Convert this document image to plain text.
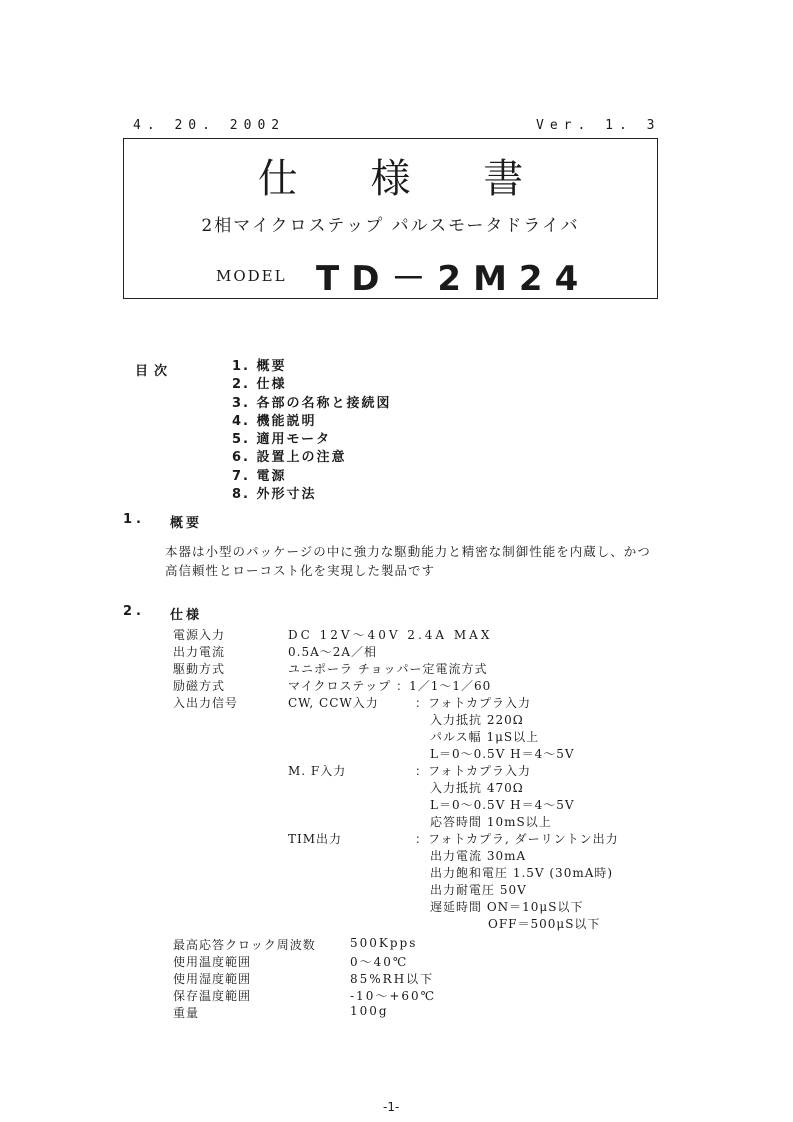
4. 20. 2002	Ver. 1. 3
仕 様 書
2相マイクロステップ パルスモータドライバ
MODEL TD－2M24
目次	1. 概要
2. 仕様
3. 各部の名称と接続図
4. 機能説明
5. 適用モータ
6. 設置上の注意
7. 電源
8. 外形寸法
1. 概要
本器は小型のパッケージの中に強力な駆動能力と精密な制御性能を内蔵し、かつ
高信頼性とローコスト化を実現した製品です
2. 仕様
電源入力	DC 12V～40V 2.4A MAX
出力電流	0.5A～2A／相
駆動方式	ユニポーラ チョッパー定電流方式
励磁方式	マイクロステップ ：1／1～1／60
入出力信号	CW, CCW入力	：フォトカプラ入力
入力抵抗 220Ω
パルス幅 1μS以上
L＝0～0.5V H＝4～5V
M. F入力	：フォトカプラ入力
入力抵抗 470Ω
L＝0～0.5V H＝4～5V
応答時間 10mS以上
TIM出力	：フォトカプラ, ダーリントン出力
出力電流 30mA
出力飽和電圧 1.5V (30mA時)
出力耐電圧 50V
遅延時間 ON＝10μS以下
OFF＝500μS以下
最高応答クロック周波数	500Kpps
使用温度範囲	0～40℃
使用湿度範囲	85%RH以下
保存温度範囲	-10～+60℃
重量	100g
-1-
